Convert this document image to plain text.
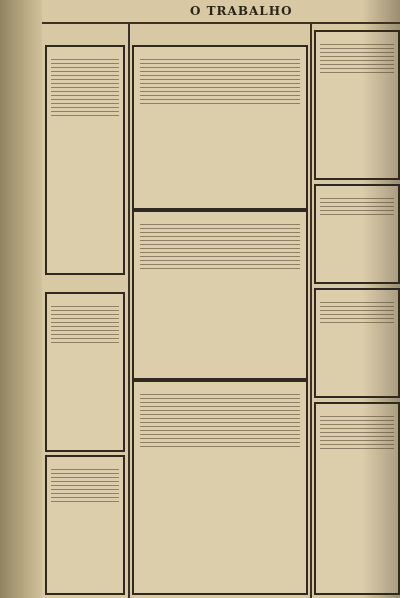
O TRABALHO
